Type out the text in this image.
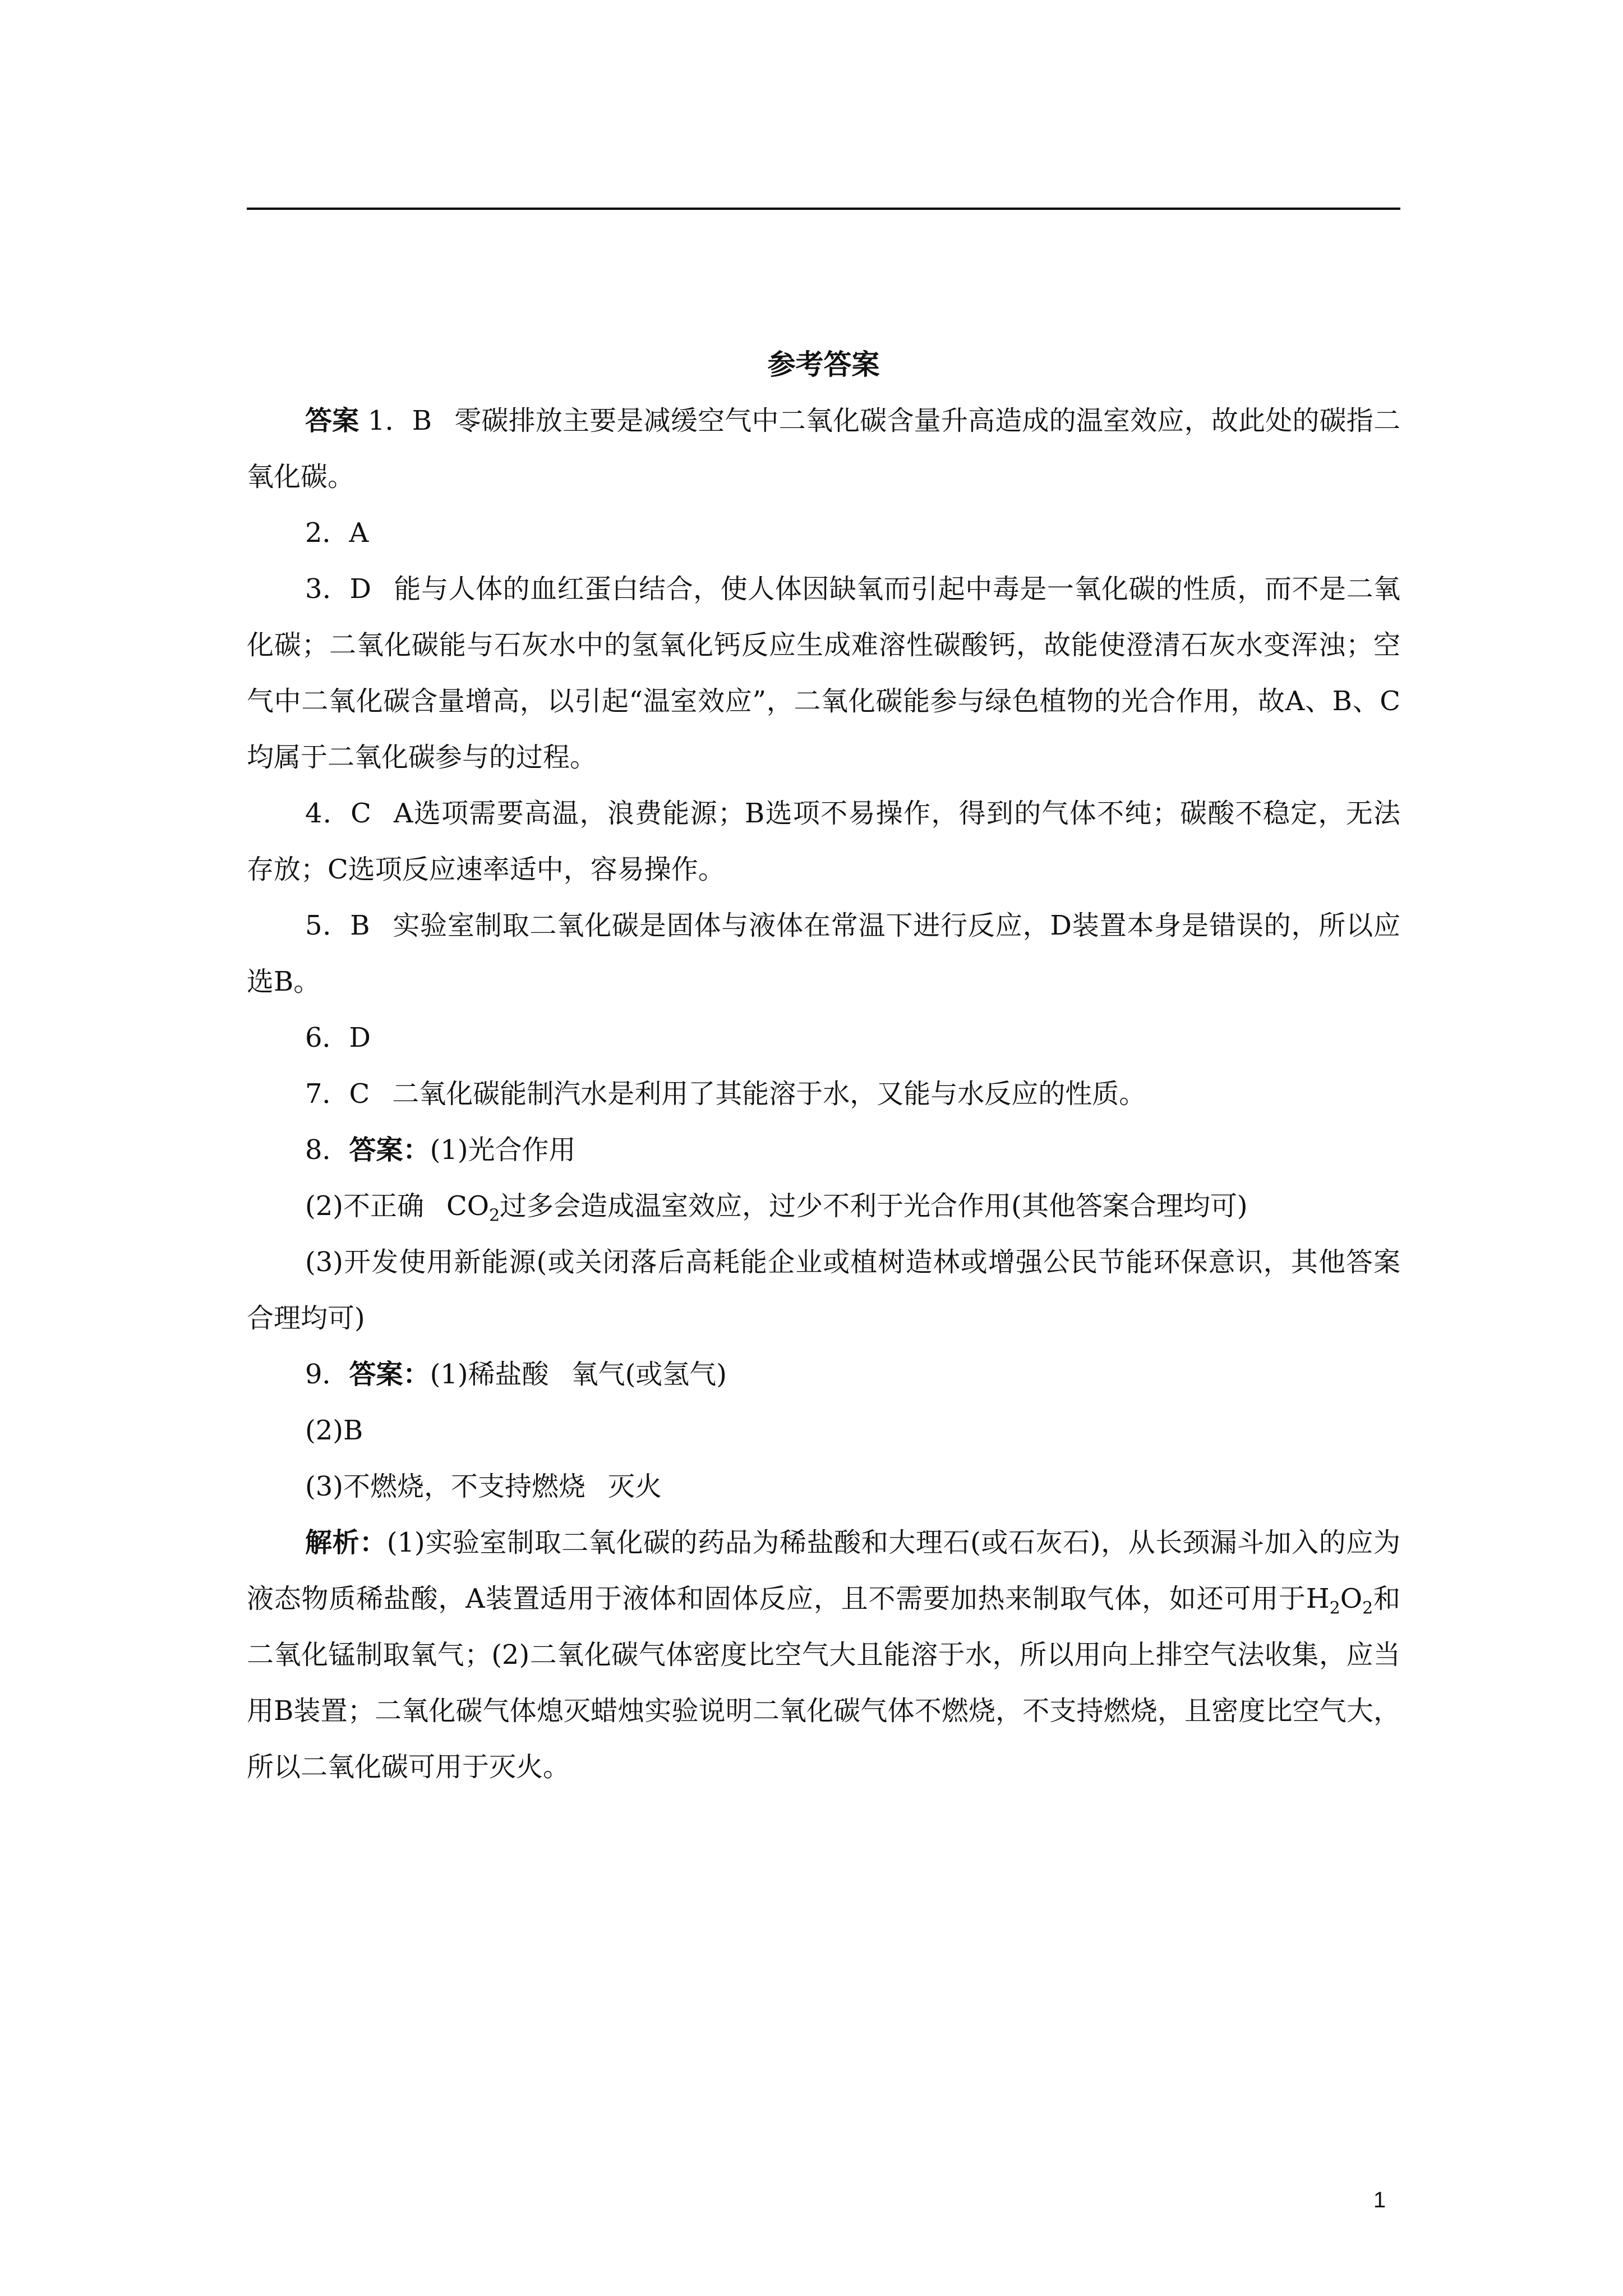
参考答案

答案 1．B 零碳排放主要是减缓空气中二氧化碳含量升高造成的温室效应，故此处的碳指二氧化碳。

2．A

3．D 能与人体的血红蛋白结合，使人体因缺氧而引起中毒是一氧化碳的性质，而不是二氧化碳；二氧化碳能与石灰水中的氢氧化钙反应生成难溶性碳酸钙，故能使澄清石灰水变浑浊；空气中二氧化碳含量增高，以引起“温室效应”，二氧化碳能参与绿色植物的光合作用，故A、B、C均属于二氧化碳参与的过程。

4．C A选项需要高温，浪费能源；B选项不易操作，得到的气体不纯；碳酸不稳定，无法存放；C选项反应速率适中，容易操作。

5．B 实验室制取二氧化碳是固体与液体在常温下进行反应，D装置本身是错误的，所以应选B。

6．D

7．C 二氧化碳能制汽水是利用了其能溶于水，又能与水反应的性质。

8．答案：(1)光合作用

(2)不正确 $CO_2$过多会造成温室效应，过少不利于光合作用(其他答案合理均可)

(3)开发使用新能源(或关闭落后高耗能企业或植树造林或增强公民节能环保意识，其他答案合理均可)

9．答案：(1)稀盐酸 氧气(或氢气)

(2)B

(3)不燃烧，不支持燃烧 灭火

解析：(1)实验室制取二氧化碳的药品为稀盐酸和大理石(或石灰石)，从长颈漏斗加入的应为液态物质稀盐酸，A装置适用于液体和固体反应，且不需要加热来制取气体，如还可用于$H_2O_2$和二氧化锰制取氧气；(2)二氧化碳气体密度比空气大且能溶于水，所以用向上排空气法收集，应当用B装置；二氧化碳气体熄灭蜡烛实验说明二氧化碳气体不燃烧，不支持燃烧，且密度比空气大，所以二氧化碳可用于灭火。

1
